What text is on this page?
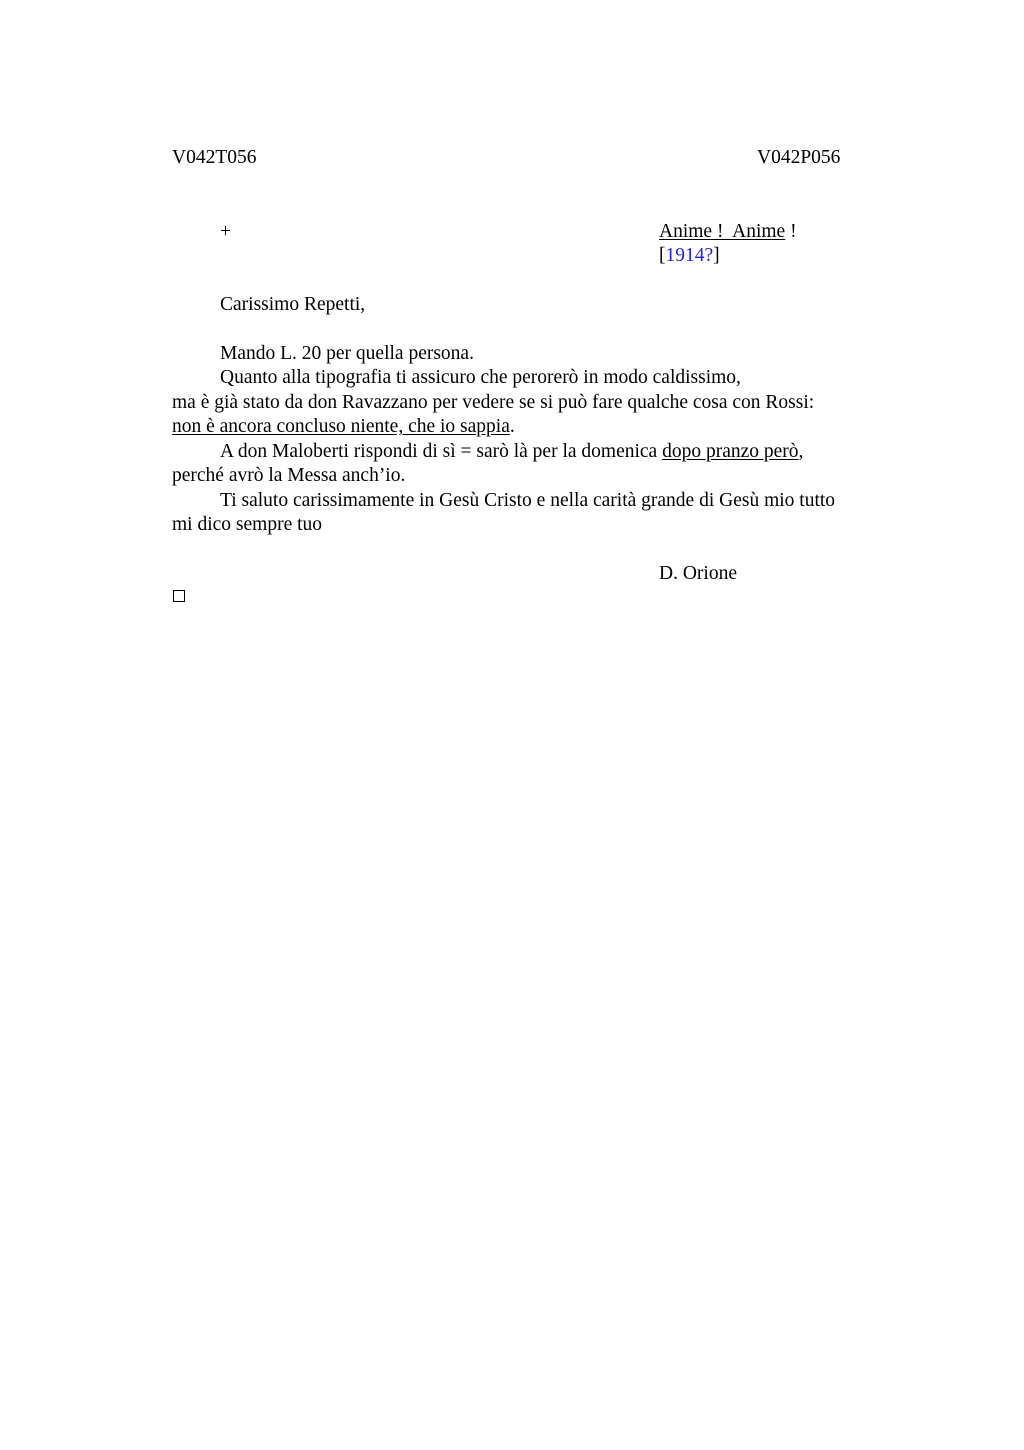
V042T056	V042P056
+	Anime !  Anime !
[1914?]
Carissimo Repetti,
Mando L. 20 per quella persona.
Quanto alla tipografia ti assicuro che perorerò in modo caldissimo,
ma è già stato da don Ravazzano per vedere se si può fare qualche cosa con Rossi:
non è ancora concluso niente, che io sappia.
A don Maloberti rispondi di sì = sarò là per la domenica dopo pranzo però,
perché avrò la Messa anch’io.
Ti saluto carissimamente in Gesù Cristo e nella carità grande di Gesù mio tutto
mi dico sempre tuo
D. Orione
